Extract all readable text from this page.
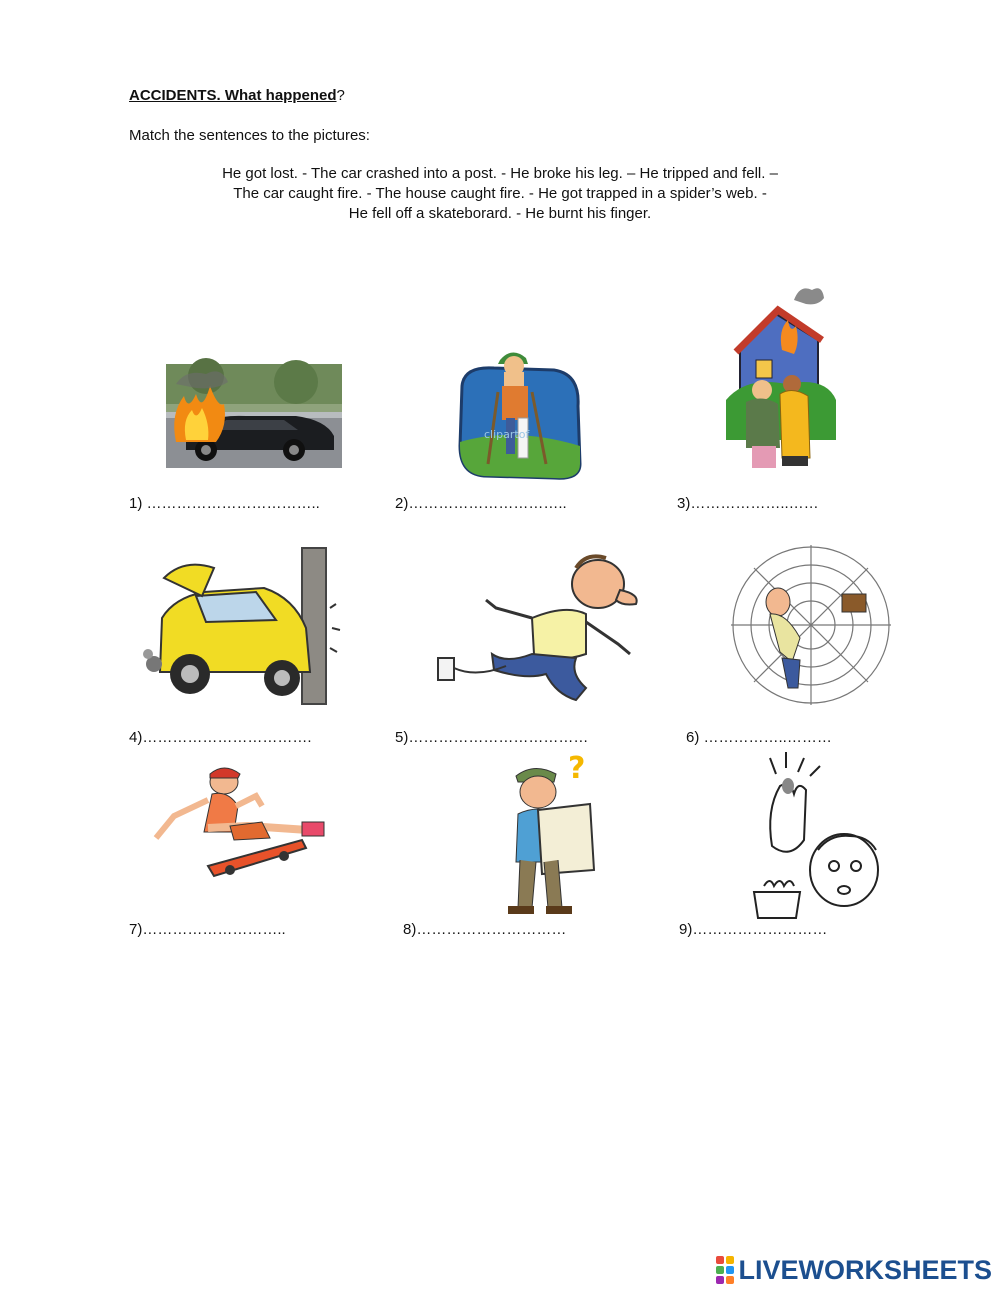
ACCIDENTS. What happened?
Match the sentences to the pictures:
He got lost. - The car crashed into a post. - He broke his leg. – He tripped and fell. –
The car caught fire. - The house caught fire. - He got trapped in a spider’s web. -
He fell off a skateborard. - He burnt his finger.
clipartof
1) ……………………………..	2)…………………………..	3)………………..……
4)…………………………….	5)………………………………	6) ……………..………
?
7)………………………..	8)…………………………	9)………………………
LIVEWORKSHEETS
